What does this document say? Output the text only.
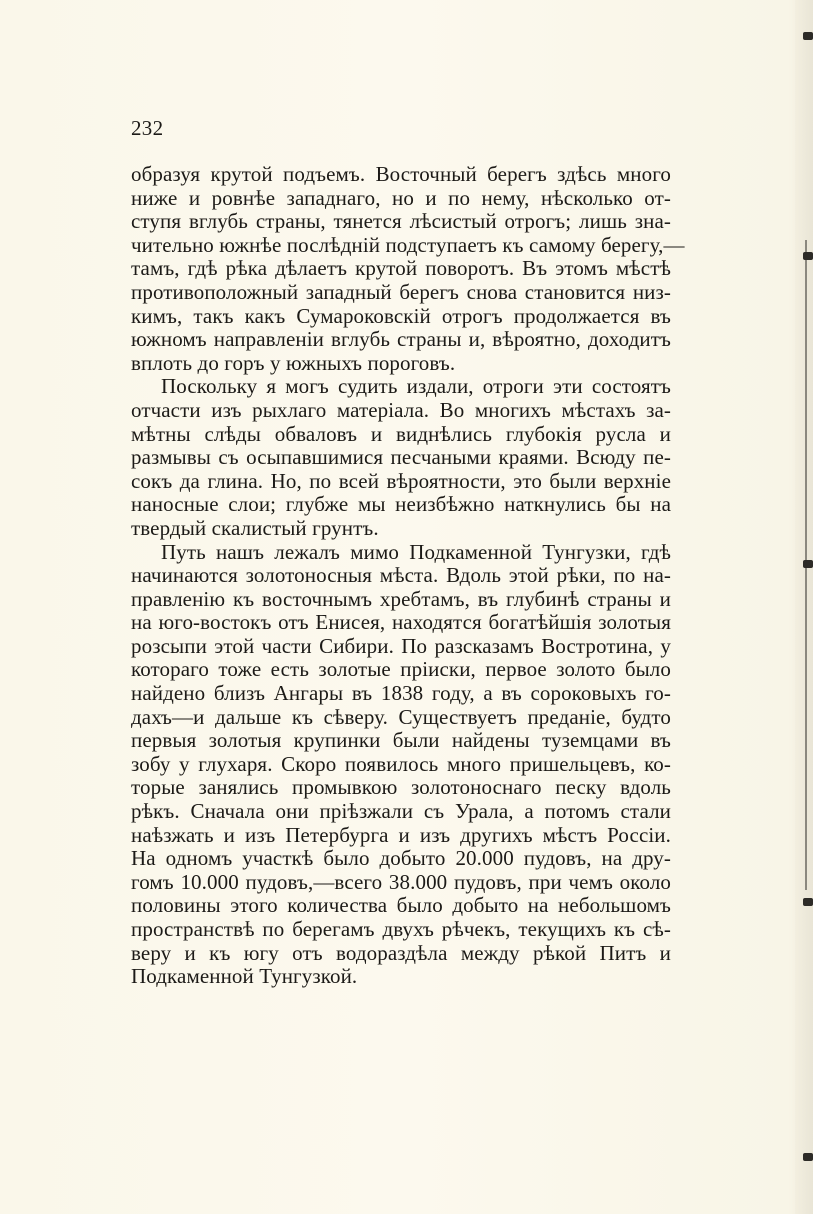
232
образуя крутой подъемъ. Восточный берегъ здѣсь много
ниже и ровнѣе западнаго, но и по нему, нѣсколько от-
ступя вглубь страны, тянется лѣсистый отрогъ; лишь зна-
чительно южнѣе послѣднiй подступаетъ къ самому берегу,—
тамъ, гдѣ рѣка дѣлаетъ крутой поворотъ. Въ этомъ мѣстѣ
противоположный западный берегъ снова становится низ-
кимъ, такъ какъ Сумароковскiй отрогъ продолжается въ
южномъ направленiи вглубь страны и, вѣроятно, доходитъ
вплоть до горъ у южныхъ пороговъ.
Поскольку я могъ судить издали, отроги эти состоятъ
отчасти изъ рыхлаго матерiала. Во многихъ мѣстахъ за-
мѣтны слѣды обваловъ и виднѣлись глубокiя русла и
размывы съ осыпавшимися песчаными краями. Всюду пе-
сокъ да глина. Но, по всей вѣроятности, это были верхнiе
наносные слои; глубже мы неизбѣжно наткнулись бы на
твердый скалистый грунтъ.
Путь нашъ лежалъ мимо Подкаменной Тунгузки, гдѣ
начинаются золотоносныя мѣста. Вдоль этой рѣки, по на-
правленiю къ восточнымъ хребтамъ, въ глубинѣ страны и
на юго-востокъ отъ Енисея, находятся богатѣйшiя золотыя
розсыпи этой части Сибири. По разсказамъ Востротина, у
котораго тоже есть золотые прiиски, первое золото было
найдено близъ Ангары въ 1838 году, а въ сороковыхъ го-
дахъ—и дальше къ сѣверу. Существуетъ преданiе, будто
первыя золотыя крупинки были найдены туземцами въ
зобу у глухаря. Скоро появилось много пришельцевъ, ко-
торые занялись промывкою золотоноснаго песку вдоль
рѣкъ. Сначала они прiѣзжали съ Урала, а потомъ стали
наѣзжать и изъ Петербурга и изъ другихъ мѣстъ Россiи.
На одномъ участкѣ было добыто 20.000 пудовъ, на дру-
гомъ 10.000 пудовъ,—всего 38.000 пудовъ, при чемъ около
половины этого количества было добыто на небольшомъ
пространствѣ по берегамъ двухъ рѣчекъ, текущихъ къ сѣ-
веру и къ югу отъ водораздѣла между рѣкой Питъ и
Подкаменной Тунгузкой.
